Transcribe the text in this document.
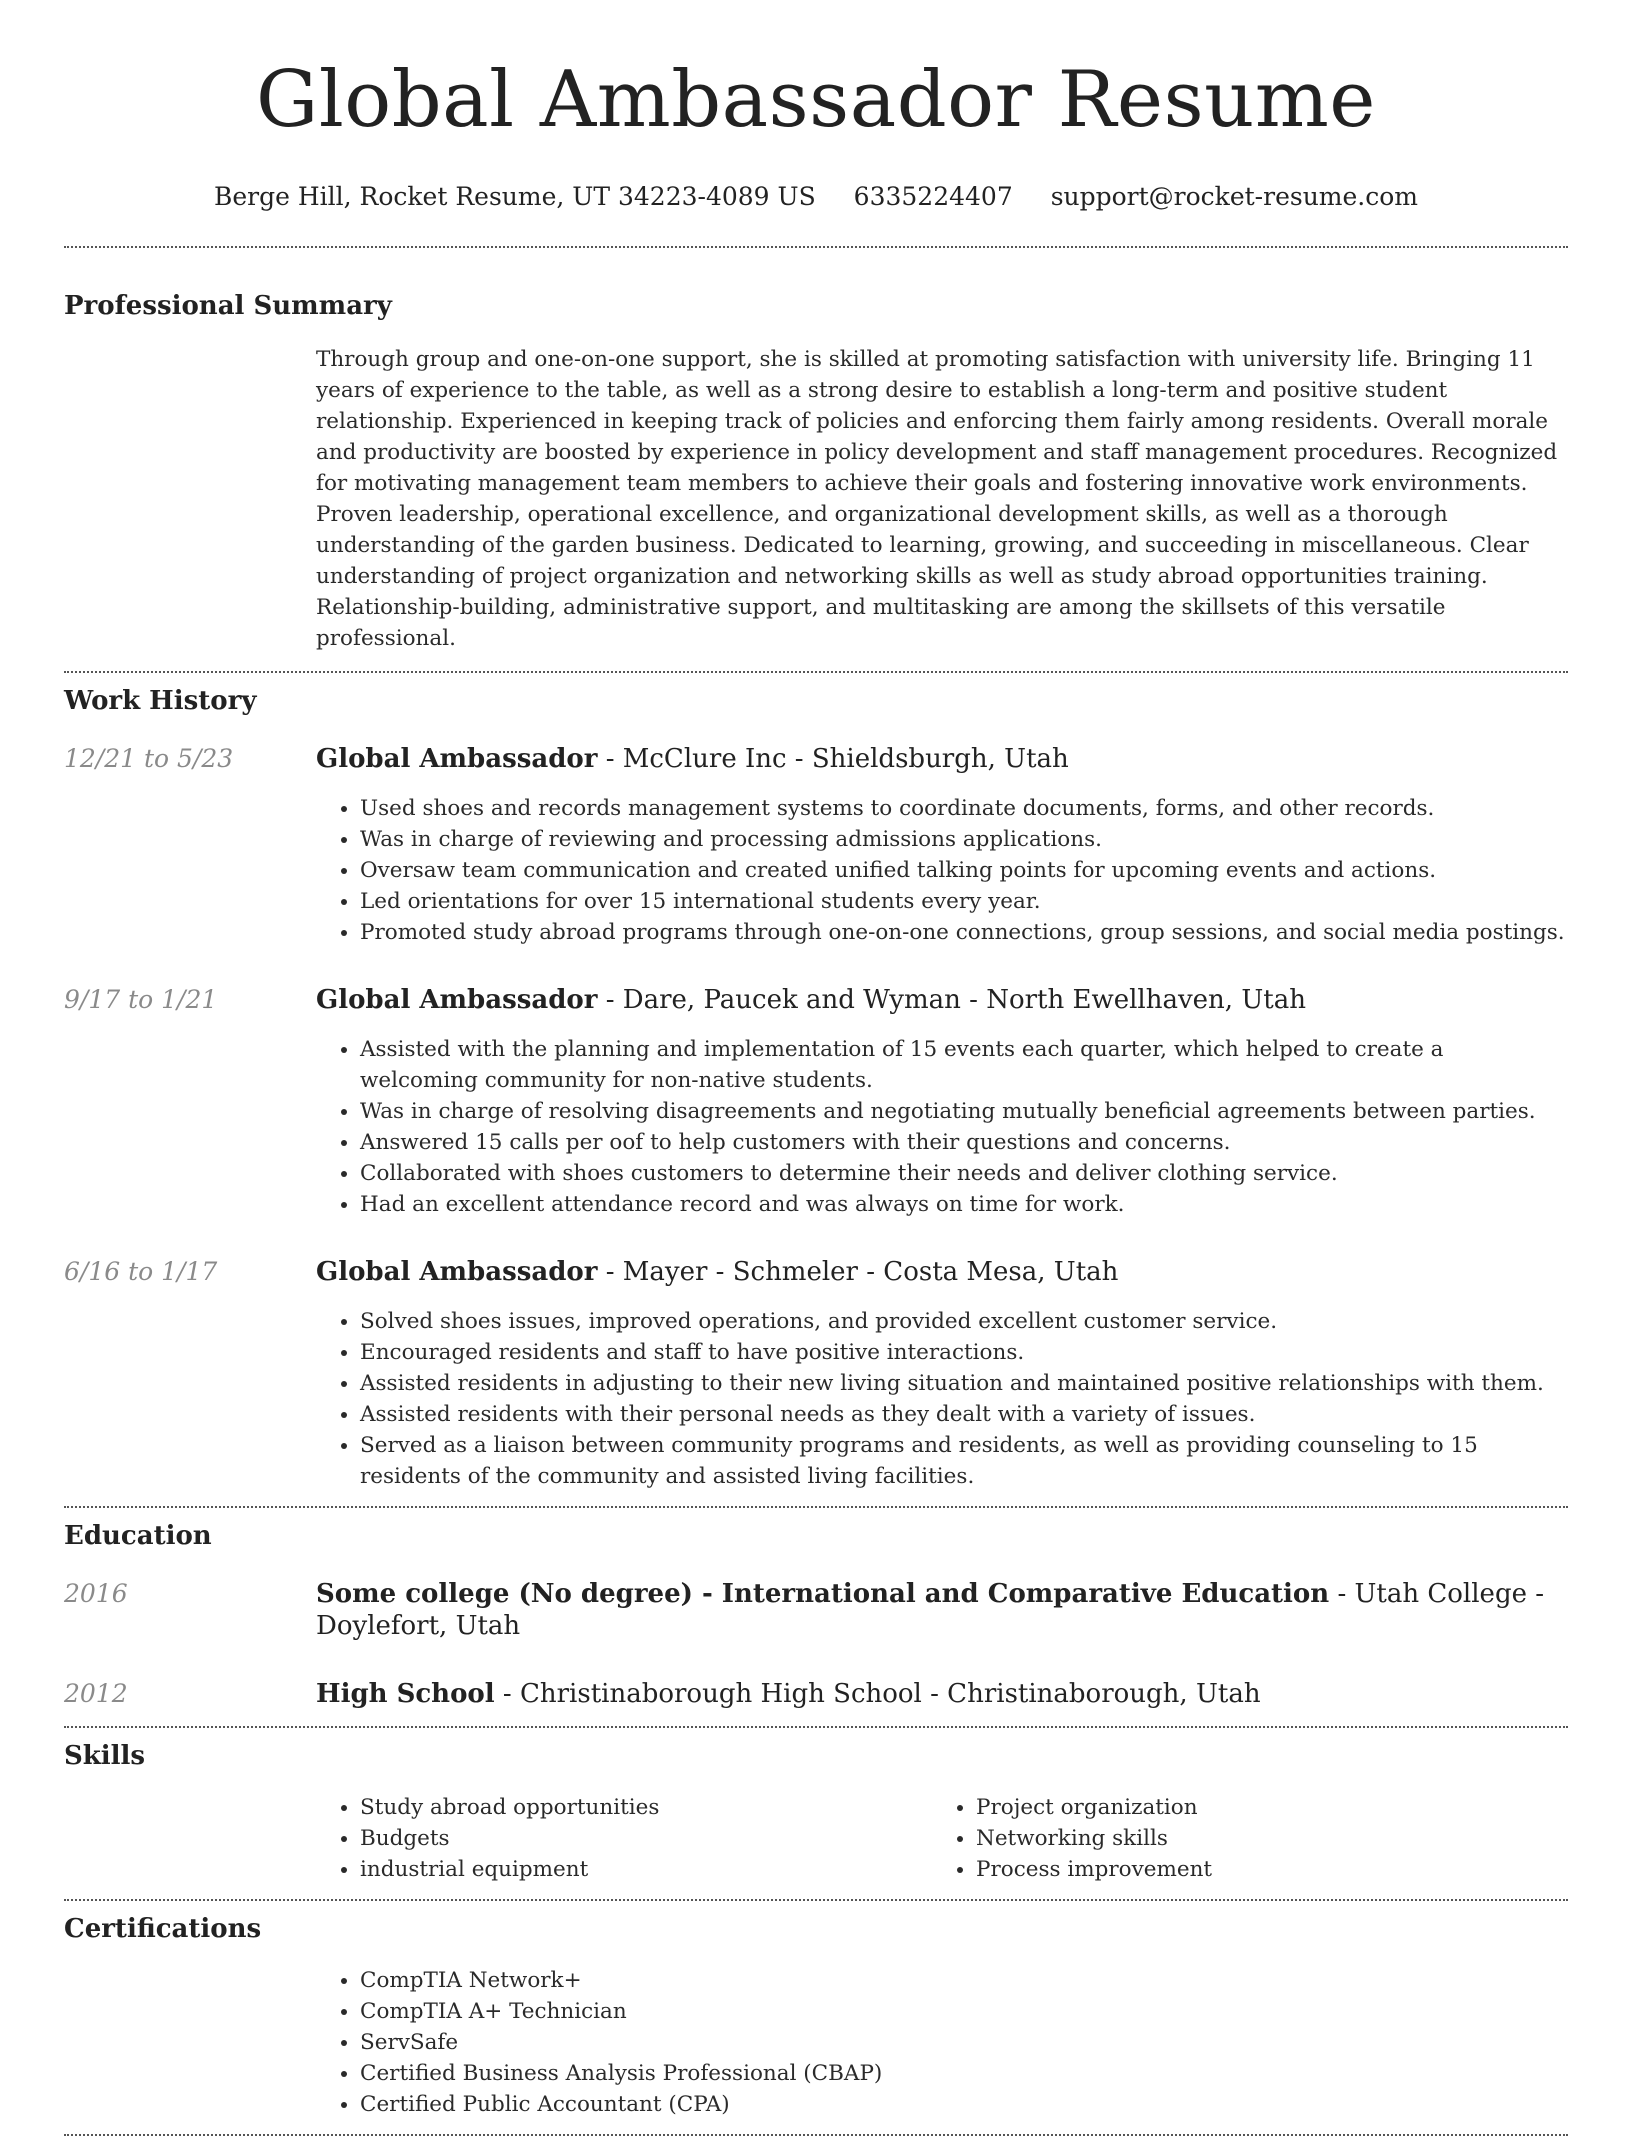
Global Ambassador Resume
Berge Hill, Rocket Resume, UT 34223-4089 US 6335224407 support@rocket-resume.com
Professional Summary
Through group and one-on-one support, she is skilled at promoting satisfaction with university life. Bringing 11 years of experience to the table, as well as a strong desire to establish a long-term and positive student relationship. Experienced in keeping track of policies and enforcing them fairly among residents. Overall morale and productivity are boosted by experience in policy development and staff management procedures. Recognized for motivating management team members to achieve their goals and fostering innovative work environments. Proven leadership, operational excellence, and organizational development skills, as well as a thorough understanding of the garden business. Dedicated to learning, growing, and succeeding in miscellaneous. Clear understanding of project organization and networking skills as well as study abroad opportunities training. Relationship-building, administrative support, and multitasking are among the skillsets of this versatile professional.
Work History
12/21 to 5/23	Global Ambassador - McClure Inc - Shieldsburgh, Utah
• Used shoes and records management systems to coordinate documents, forms, and other records.
• Was in charge of reviewing and processing admissions applications.
• Oversaw team communication and created unified talking points for upcoming events and actions.
• Led orientations for over 15 international students every year.
• Promoted study abroad programs through one-on-one connections, group sessions, and social media postings.
9/17 to 1/21	Global Ambassador - Dare, Paucek and Wyman - North Ewellhaven, Utah
• Assisted with the planning and implementation of 15 events each quarter, which helped to create a welcoming community for non-native students.
• Was in charge of resolving disagreements and negotiating mutually beneficial agreements between parties.
• Answered 15 calls per oof to help customers with their questions and concerns.
• Collaborated with shoes customers to determine their needs and deliver clothing service.
• Had an excellent attendance record and was always on time for work.
6/16 to 1/17	Global Ambassador - Mayer - Schmeler - Costa Mesa, Utah
• Solved shoes issues, improved operations, and provided excellent customer service.
• Encouraged residents and staff to have positive interactions.
• Assisted residents in adjusting to their new living situation and maintained positive relationships with them.
• Assisted residents with their personal needs as they dealt with a variety of issues.
• Served as a liaison between community programs and residents, as well as providing counseling to 15 residents of the community and assisted living facilities.
Education
2016	Some college (No degree) - International and Comparative Education - Utah College - Doylefort, Utah
2012	High School - Christinaborough High School - Christinaborough, Utah
Skills
• Study abroad opportunities
• Budgets
• industrial equipment
• Project organization
• Networking skills
• Process improvement
Certifications
• CompTIA Network+
• CompTIA A+ Technician
• ServSafe
• Certified Business Analysis Professional (CBAP)
• Certified Public Accountant (CPA)
